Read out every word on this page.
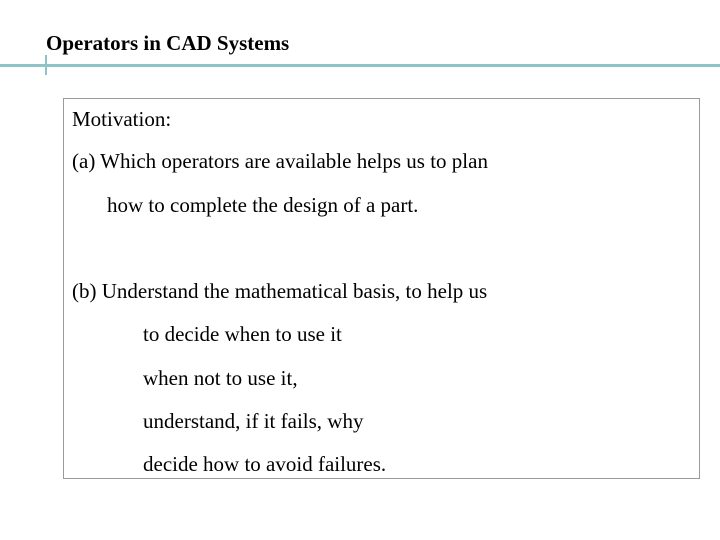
Operators in CAD Systems
Motivation:
(a) Which operators are available helps us to plan
how to complete the design of a part.
(b) Understand the mathematical basis, to help us
to decide when to use it
when not to use it,
understand, if it fails, why
decide how to avoid failures.
